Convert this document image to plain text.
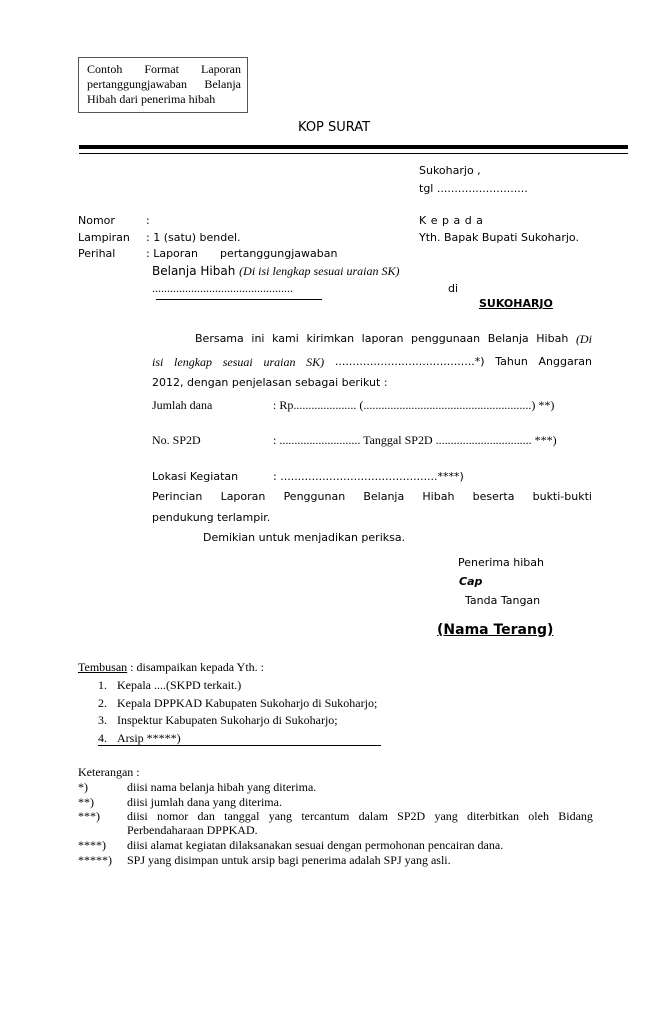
Contoh Format Laporan
pertanggungjawaban Belanja
Hibah dari penerima hibah
KOP SURAT
Sukoharjo ,
tgl ..........................
Nomor	:
Lampiran : 1 (satu) bendel.
Perihal	: Laporan pertanggungjawaban
Belanja Hibah (Di isi lengkap sesuai uraian SK)
...............................................
K e p a d a
Yth. Bapak Bupati Sukoharjo.
di
SUKOHARJO
Bersama ini kami kirimkan laporan penggunaan Belanja Hibah (Di
isi lengkap sesuai uraian SK) ........................................*) Tahun Anggaran
2012, dengan penjelasan sebagai berikut :
Jumlah dana	: Rp..................... (........................................................) **)
No. SP2D	: ........................... Tanggal SP2D ................................ ***)
Lokasi Kegiatan	: .............................................****)
Perincian Laporan Penggunan Belanja Hibah beserta bukti-bukti
pendukung terlampir.
Demikian untuk menjadikan periksa.
Penerima hibah
Cap
Tanda Tangan
(Nama Terang)
Tembusan : disampaikan kepada Yth. :
1. Kepala ....(SKPD terkait.)
2. Kepala DPPKAD Kabupaten Sukoharjo di Sukoharjo;
3. Inspektur Kabupaten Sukoharjo di Sukoharjo;
4. Arsip *****)
Keterangan :
*)	diisi nama belanja hibah yang diterima.
**)	diisi jumlah dana yang diterima.
***)	diisi nomor dan tanggal yang tercantum dalam SP2D yang diterbitkan oleh Bidang
Perbendaharaan DPPKAD.
****) diisi alamat kegiatan dilaksanakan sesuai dengan permohonan pencairan dana.
*****) SPJ yang disimpan untuk arsip bagi penerima adalah SPJ yang asli.
